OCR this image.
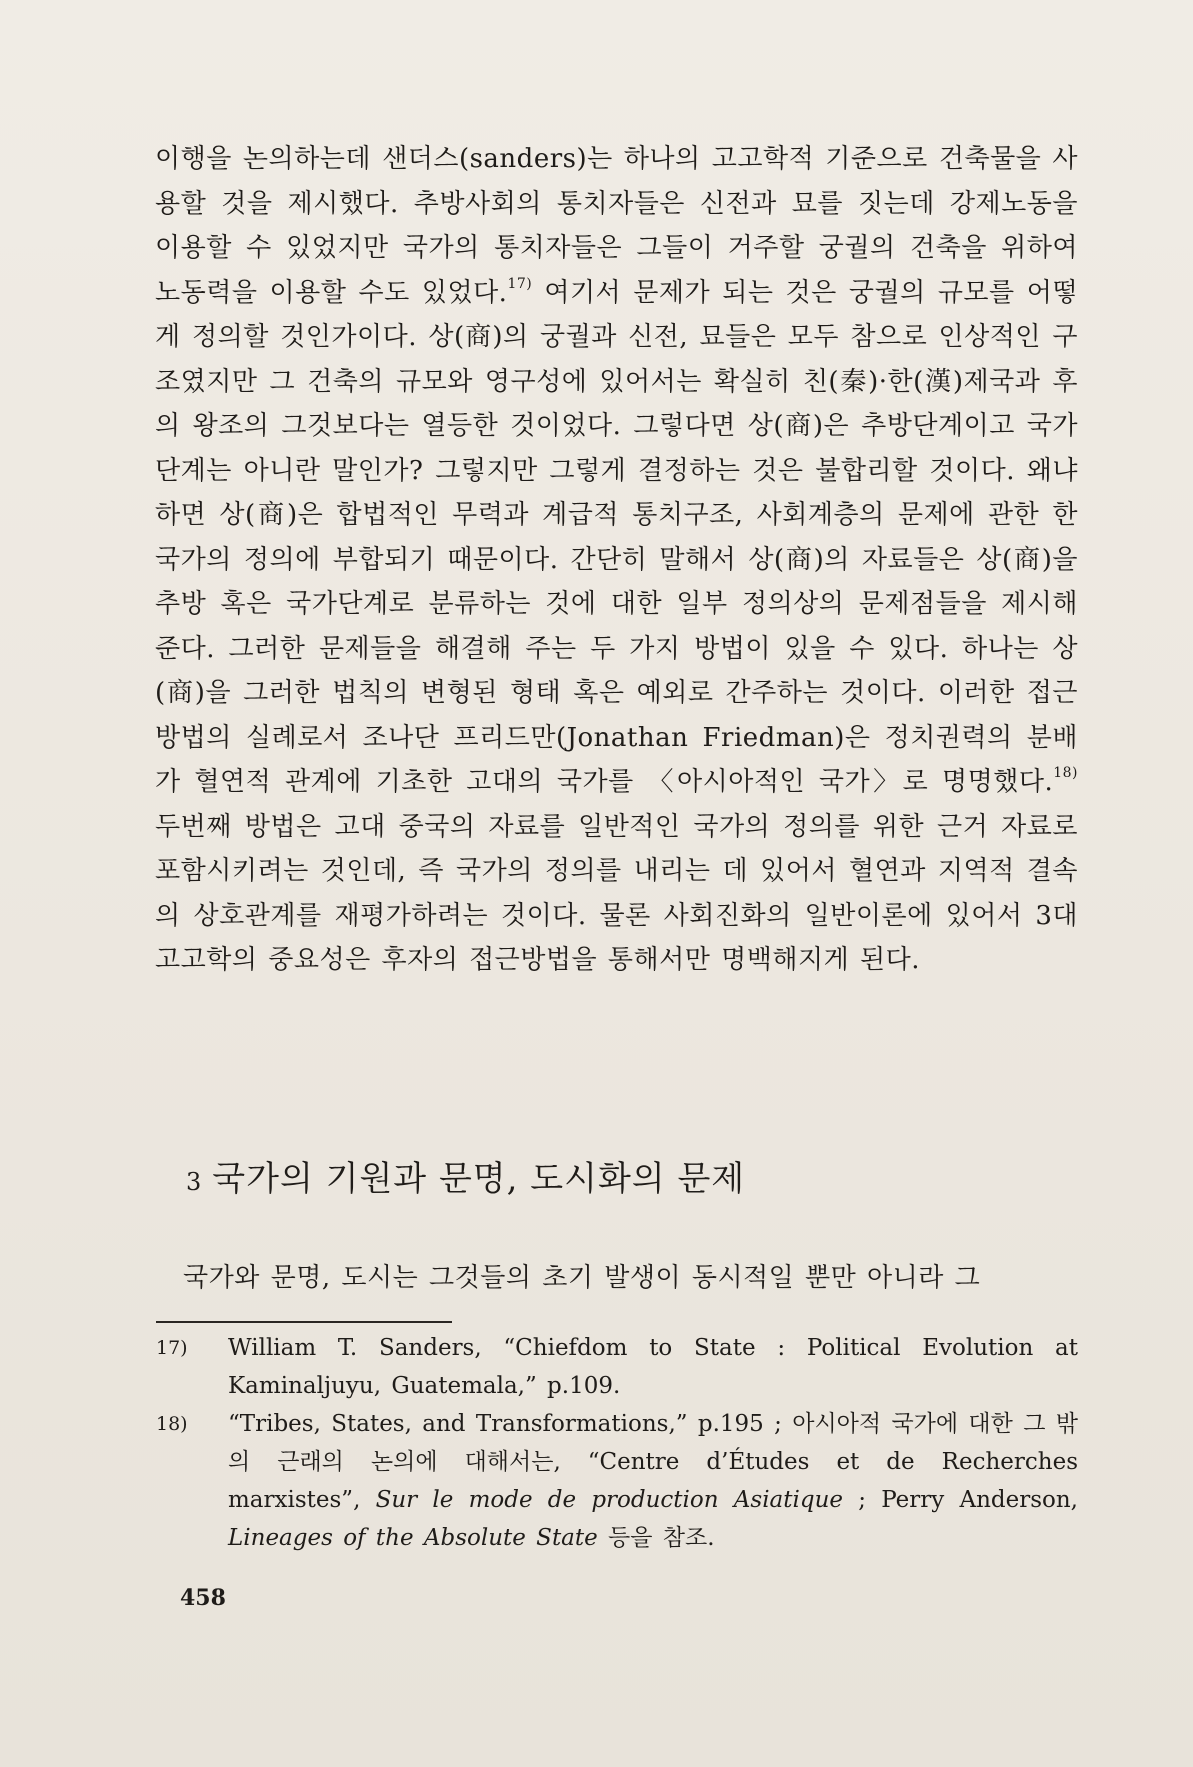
이행을 논의하는데 샌더스(sanders)는 하나의 고고학적 기준으로 건축물을 사용할 것을 제시했다. 추방사회의 통치자들은 신전과 묘를 짓는데 강제노동을 이용할 수 있었지만 국가의 통치자들은 그들이 거주할 궁궐의 건축을 위하여 노동력을 이용할 수도 있었다.$^{17)}$ 여기서 문제가 되는 것은 궁궐의 규모를 어떻게 정의할 것인가이다. 상(商)의 궁궐과 신전, 묘들은 모두 참으로 인상적인 구조였지만 그 건축의 규모와 영구성에 있어서는 확실히 친(秦)·한(漢)제국과 후의 왕조의 그것보다는 열등한 것이었다. 그렇다면 상(商)은 추방단계이고 국가단계는 아니란 말인가? 그렇지만 그렇게 결정하는 것은 불합리할 것이다. 왜냐하면 상(商)은 합법적인 무력과 계급적 통치구조, 사회계층의 문제에 관한 한 국가의 정의에 부합되기 때문이다. 간단히 말해서 상(商)의 자료들은 상(商)을 추방 혹은 국가단계로 분류하는 것에 대한 일부 정의상의 문제점들을 제시해 준다. 그러한 문제들을 해결해 주는 두 가지 방법이 있을 수 있다. 하나는 상(商)을 그러한 법칙의 변형된 형태 혹은 예외로 간주하는 것이다. 이러한 접근방법의 실례로서 조나단 프리드만(Jonathan Friedman)은 정치권력의 분배가 혈연적 관계에 기초한 고대의 국가를 〈아시아적인 국가〉로 명명했다.$^{18)}$ 두번째 방법은 고대 중국의 자료를 일반적인 국가의 정의를 위한 근거 자료로 포함시키려는 것인데, 즉 국가의 정의를 내리는 데 있어서 혈연과 지역적 결속의 상호관계를 재평가하려는 것이다. 물론 사회진화의 일반이론에 있어서 3대 고고학의 중요성은 후자의 접근방법을 통해서만 명백해지게 된다.

3 국가의 기원과 문명, 도시화의 문제

국가와 문명, 도시는 그것들의 초기 발생이 동시적일 뿐만 아니라 그

17)	William T. Sanders, “Chiefdom to State : Political Evolution at Kaminaljuyu, Guatemala,” p.109.
18)	“Tribes, States, and Transformations,” p.195 ; 아시아적 국가에 대한 그 밖의 근래의 논의에 대해서는, “Centre d’Études et de Recherches marxistes”, Sur le mode de production Asiatique ; Perry Anderson, Lineages of the Absolute State 등을 참조.
458
